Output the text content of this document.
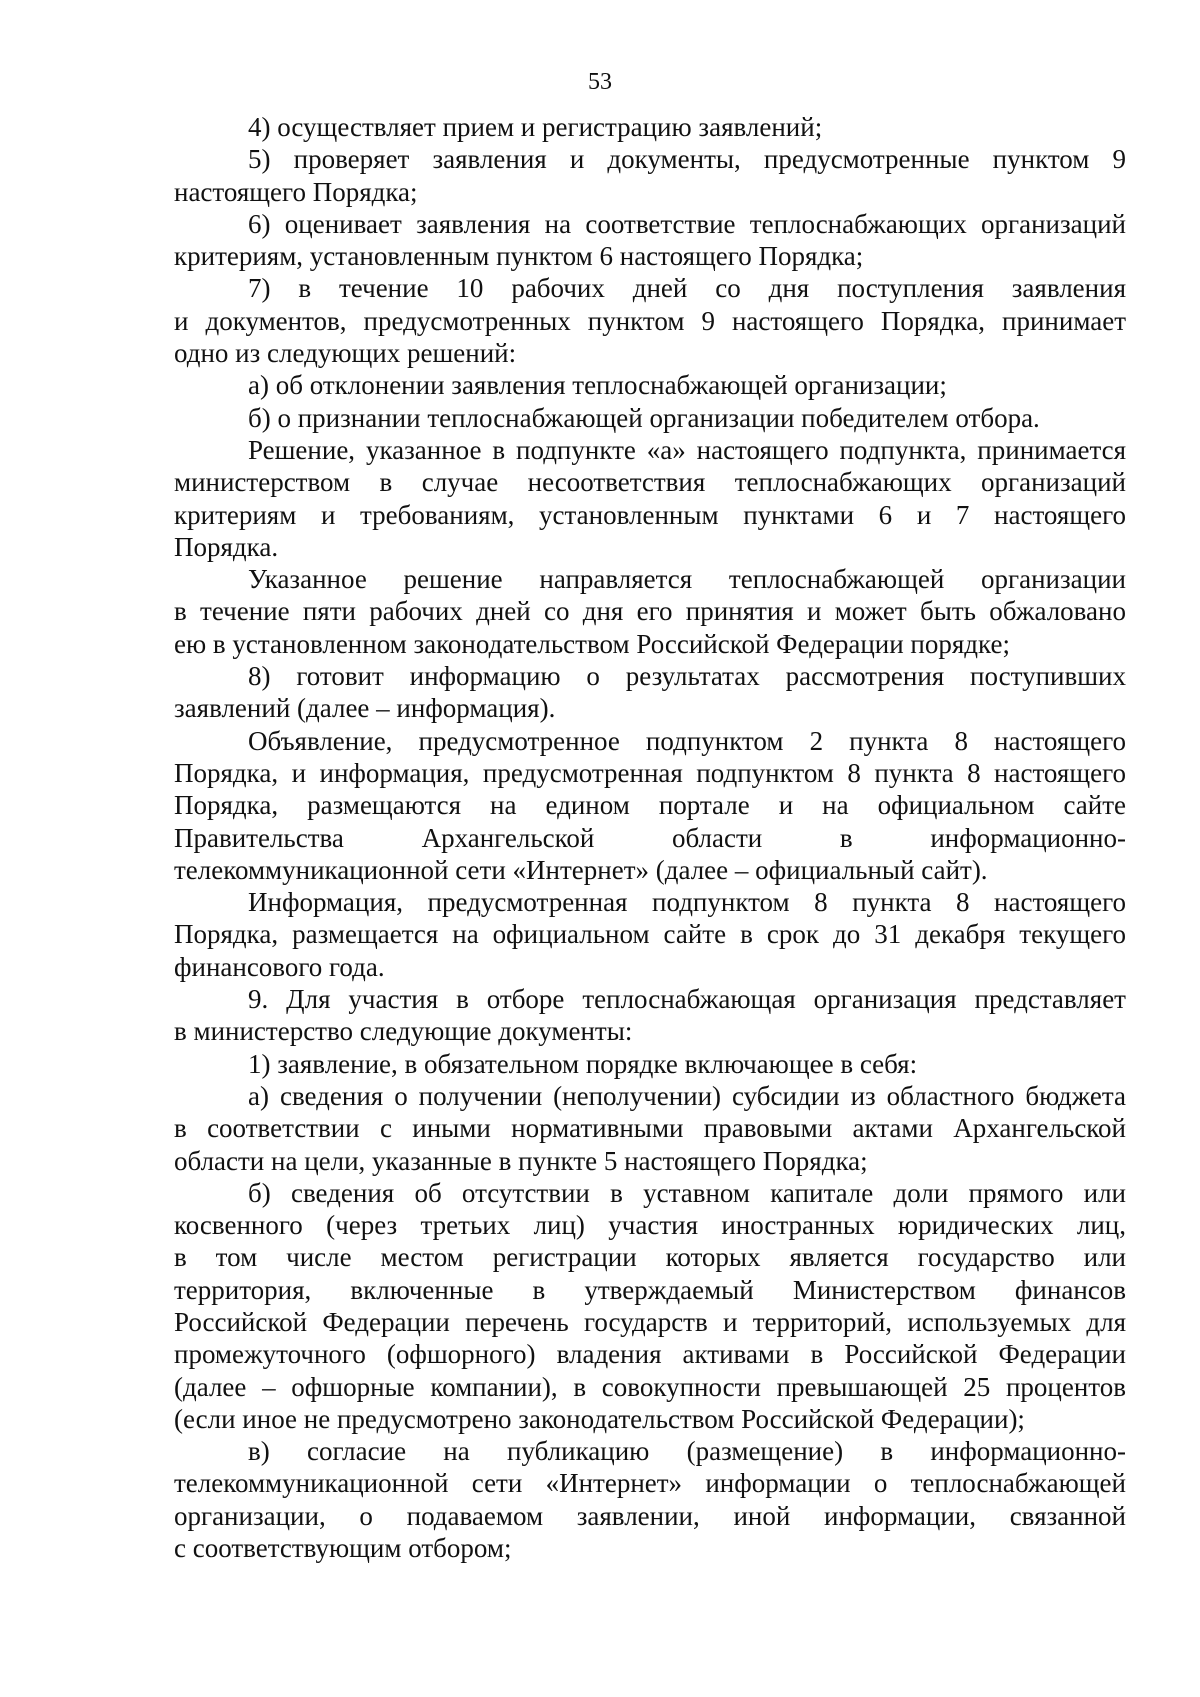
53

4) осуществляет прием и регистрацию заявлений;

5) проверяет заявления и документы, предусмотренные пунктом 9
настоящего Порядка;

6) оценивает заявления на соответствие теплоснабжающих организаций
критериям, установленным пунктом 6 настоящего Порядка;

7) в течение 10 рабочих дней со дня поступления заявления
и документов, предусмотренных пунктом 9 настоящего Порядка, принимает
одно из следующих решений:

а) об отклонении заявления теплоснабжающей организации;

б) о признании теплоснабжающей организации победителем отбора.

Решение, указанное в подпункте «а» настоящего подпункта, принимается
министерством в случае несоответствия теплоснабжающих организаций
критериям и требованиям, установленным пунктами 6 и 7 настоящего
Порядка.

Указанное решение направляется теплоснабжающей организации
в течение пяти рабочих дней со дня его принятия и может быть обжаловано
ею в установленном законодательством Российской Федерации порядке;

8) готовит информацию о результатах рассмотрения поступивших
заявлений (далее – информация).

Объявление, предусмотренное подпунктом 2 пункта 8 настоящего
Порядка, и информация, предусмотренная подпунктом 8 пункта 8 настоящего
Порядка, размещаются на едином портале и на официальном сайте
Правительства Архангельской области в информационно-
телекоммуникационной сети «Интернет» (далее – официальный сайт).

Информация, предусмотренная подпунктом 8 пункта 8 настоящего
Порядка, размещается на официальном сайте в срок до 31 декабря текущего
финансового года.

9. Для участия в отборе теплоснабжающая организация представляет
в министерство следующие документы:

1) заявление, в обязательном порядке включающее в себя:

а) сведения о получении (неполучении) субсидии из областного бюджета
в соответствии с иными нормативными правовыми актами Архангельской
области на цели, указанные в пункте 5 настоящего Порядка;

б) сведения об отсутствии в уставном капитале доли прямого или
косвенного (через третьих лиц) участия иностранных юридических лиц,
в том числе местом регистрации которых является государство или
территория, включенные в утверждаемый Министерством финансов
Российской Федерации перечень государств и территорий, используемых для
промежуточного (офшорного) владения активами в Российской Федерации
(далее – офшорные компании), в совокупности превышающей 25 процентов
(если иное не предусмотрено законодательством Российской Федерации);

в) согласие на публикацию (размещение) в информационно-
телекоммуникационной сети «Интернет» информации о теплоснабжающей
организации, о подаваемом заявлении, иной информации, связанной
с соответствующим отбором;
